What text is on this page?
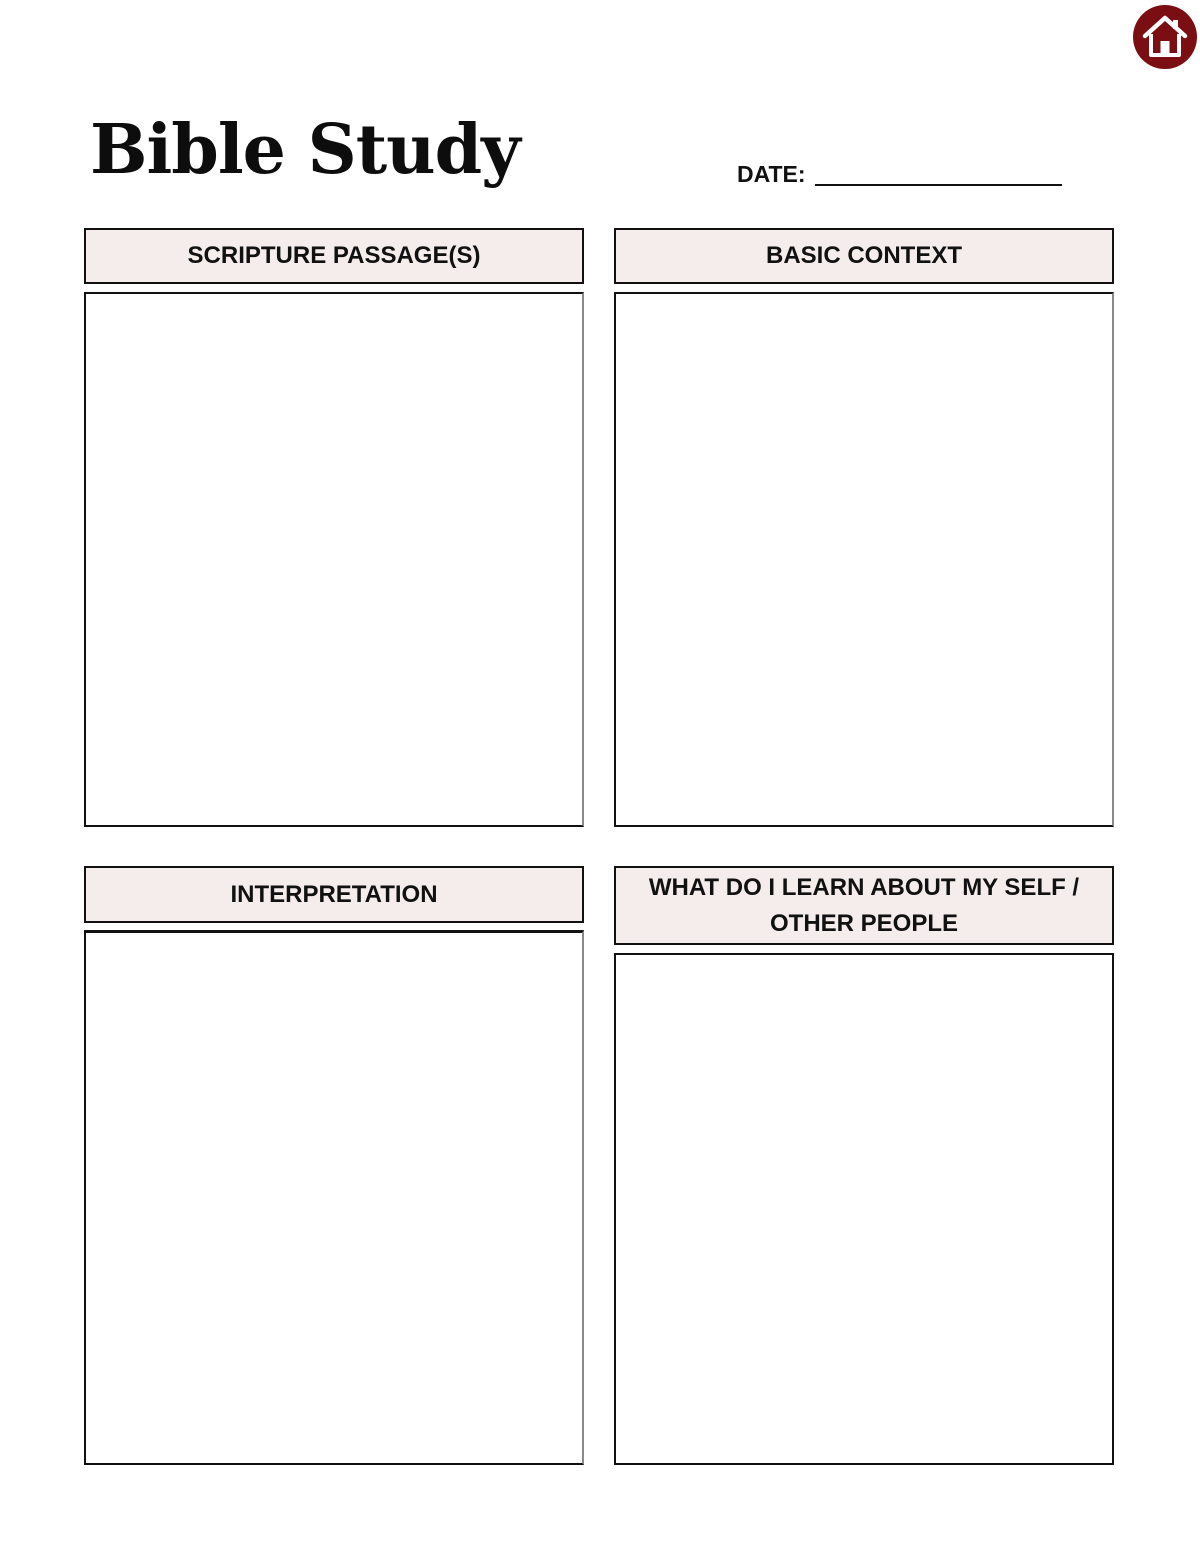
Bible Study	DATE:
SCRIPTURE PASSAGE(S)	BASIC CONTEXT
INTERPRETATION	WHAT DO I LEARN ABOUT MY SELF / OTHER PEOPLE
